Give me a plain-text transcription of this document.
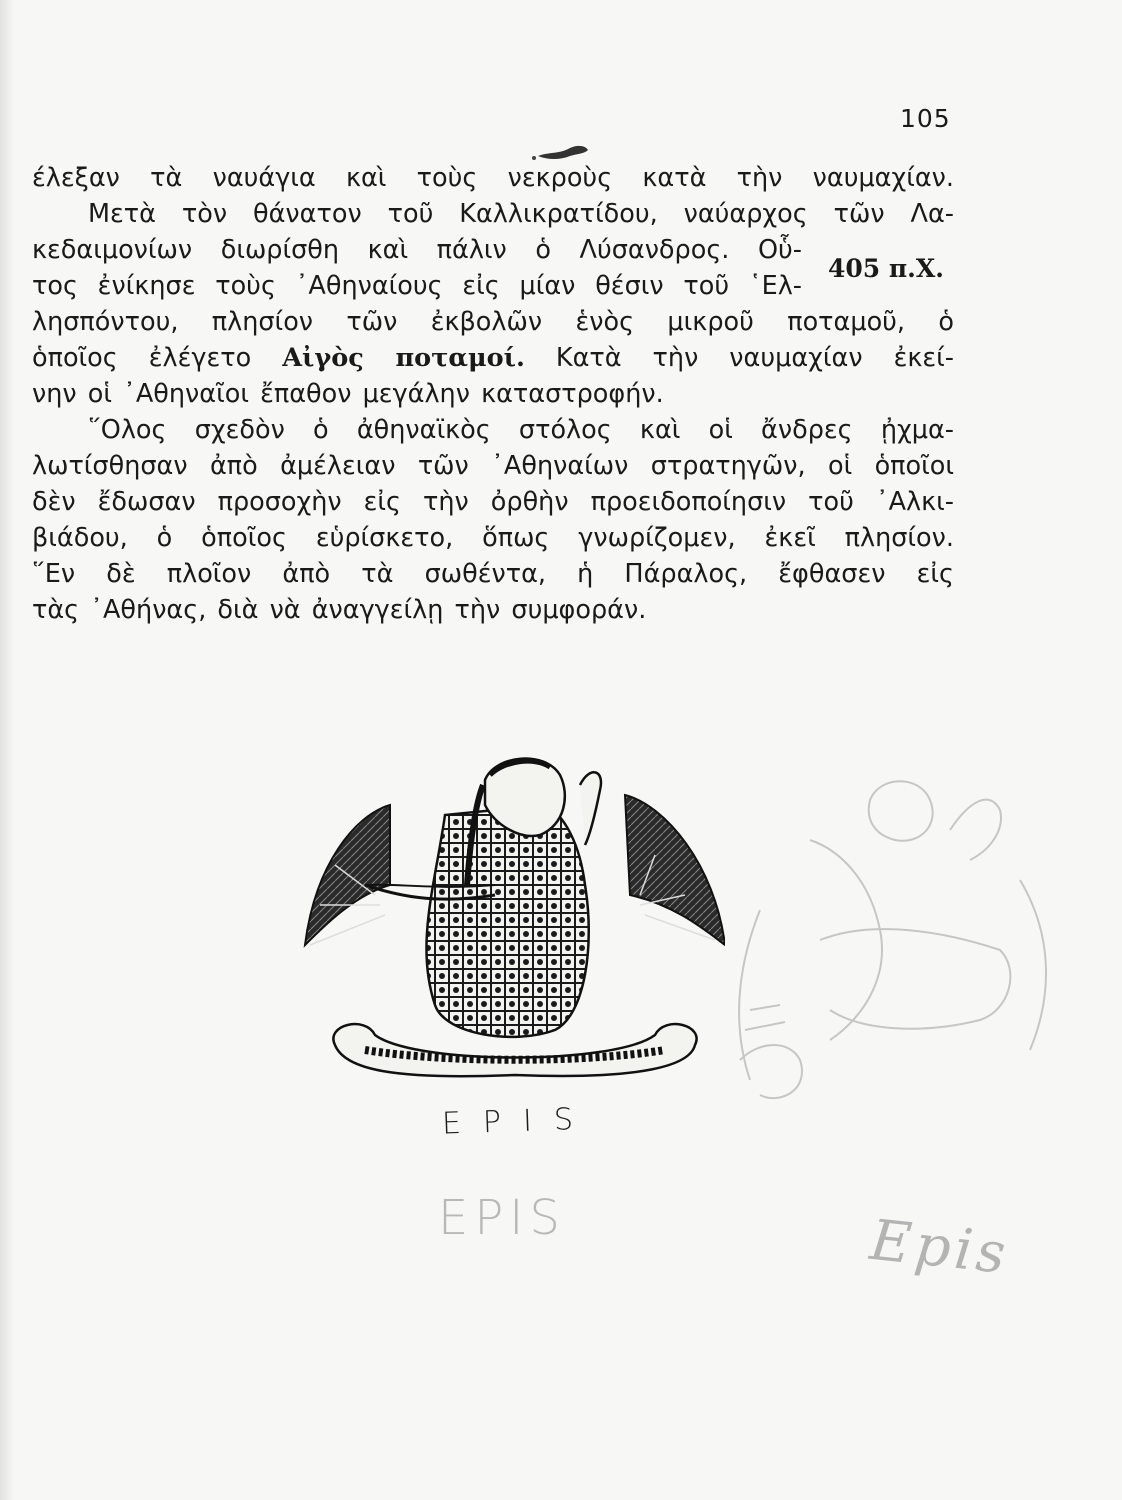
105
έλεξαν τὰ ναυάγια καὶ τοὺς νεκροὺς κατὰ τὴν ναυμαχίαν.
Μετὰ τὸν θάνατον τοῦ Καλλικρατίδου, ναύαρχος τῶν Λα-
κεδαιμονίων διωρίσθη καὶ πάλιν ὁ Λύσανδρος. Οὗ-
τος ἐνίκησε τοὺς ᾿Αθηναίους εἰς μίαν θέσιν τοῦ ῾Ελ-
λησπόντου, πλησίον τῶν ἐκβολῶν ἑνὸς μικροῦ ποταμοῦ, ὁ
ὁποῖος ἐλέγετο Αἰγὸς ποταμοί. Κατὰ τὴν ναυμαχίαν ἐκεί-
νην οἱ ᾿Αθηναῖοι ἔπαθον μεγάλην καταστροφήν.
῞Ολος σχεδὸν ὁ ἀθηναϊκὸς στόλος καὶ οἱ ἄνδρες ᾐχμα-
λωτίσθησαν ἀπὸ ἀμέλειαν τῶν ᾿Αθηναίων στρατηγῶν, οἱ ὁποῖοι
δὲν ἔδωσαν προσοχὴν εἰς τὴν ὀρθὴν προειδοποίησιν τοῦ ᾿Αλκι-
βιάδου, ὁ ὁποῖος εὑρίσκετο, ὅπως γνωρίζομεν, ἐκεῖ πλησίον.
῞Εν δὲ πλοῖον ἀπὸ τὰ σωθέντα, ἡ Πάραλος, ἔφθασεν εἰς
τὰς ᾿Αθήνας, διὰ νὰ ἀναγγείλῃ τὴν συμφοράν.
405 π.Χ.
EPIS
EPIS	Epis
